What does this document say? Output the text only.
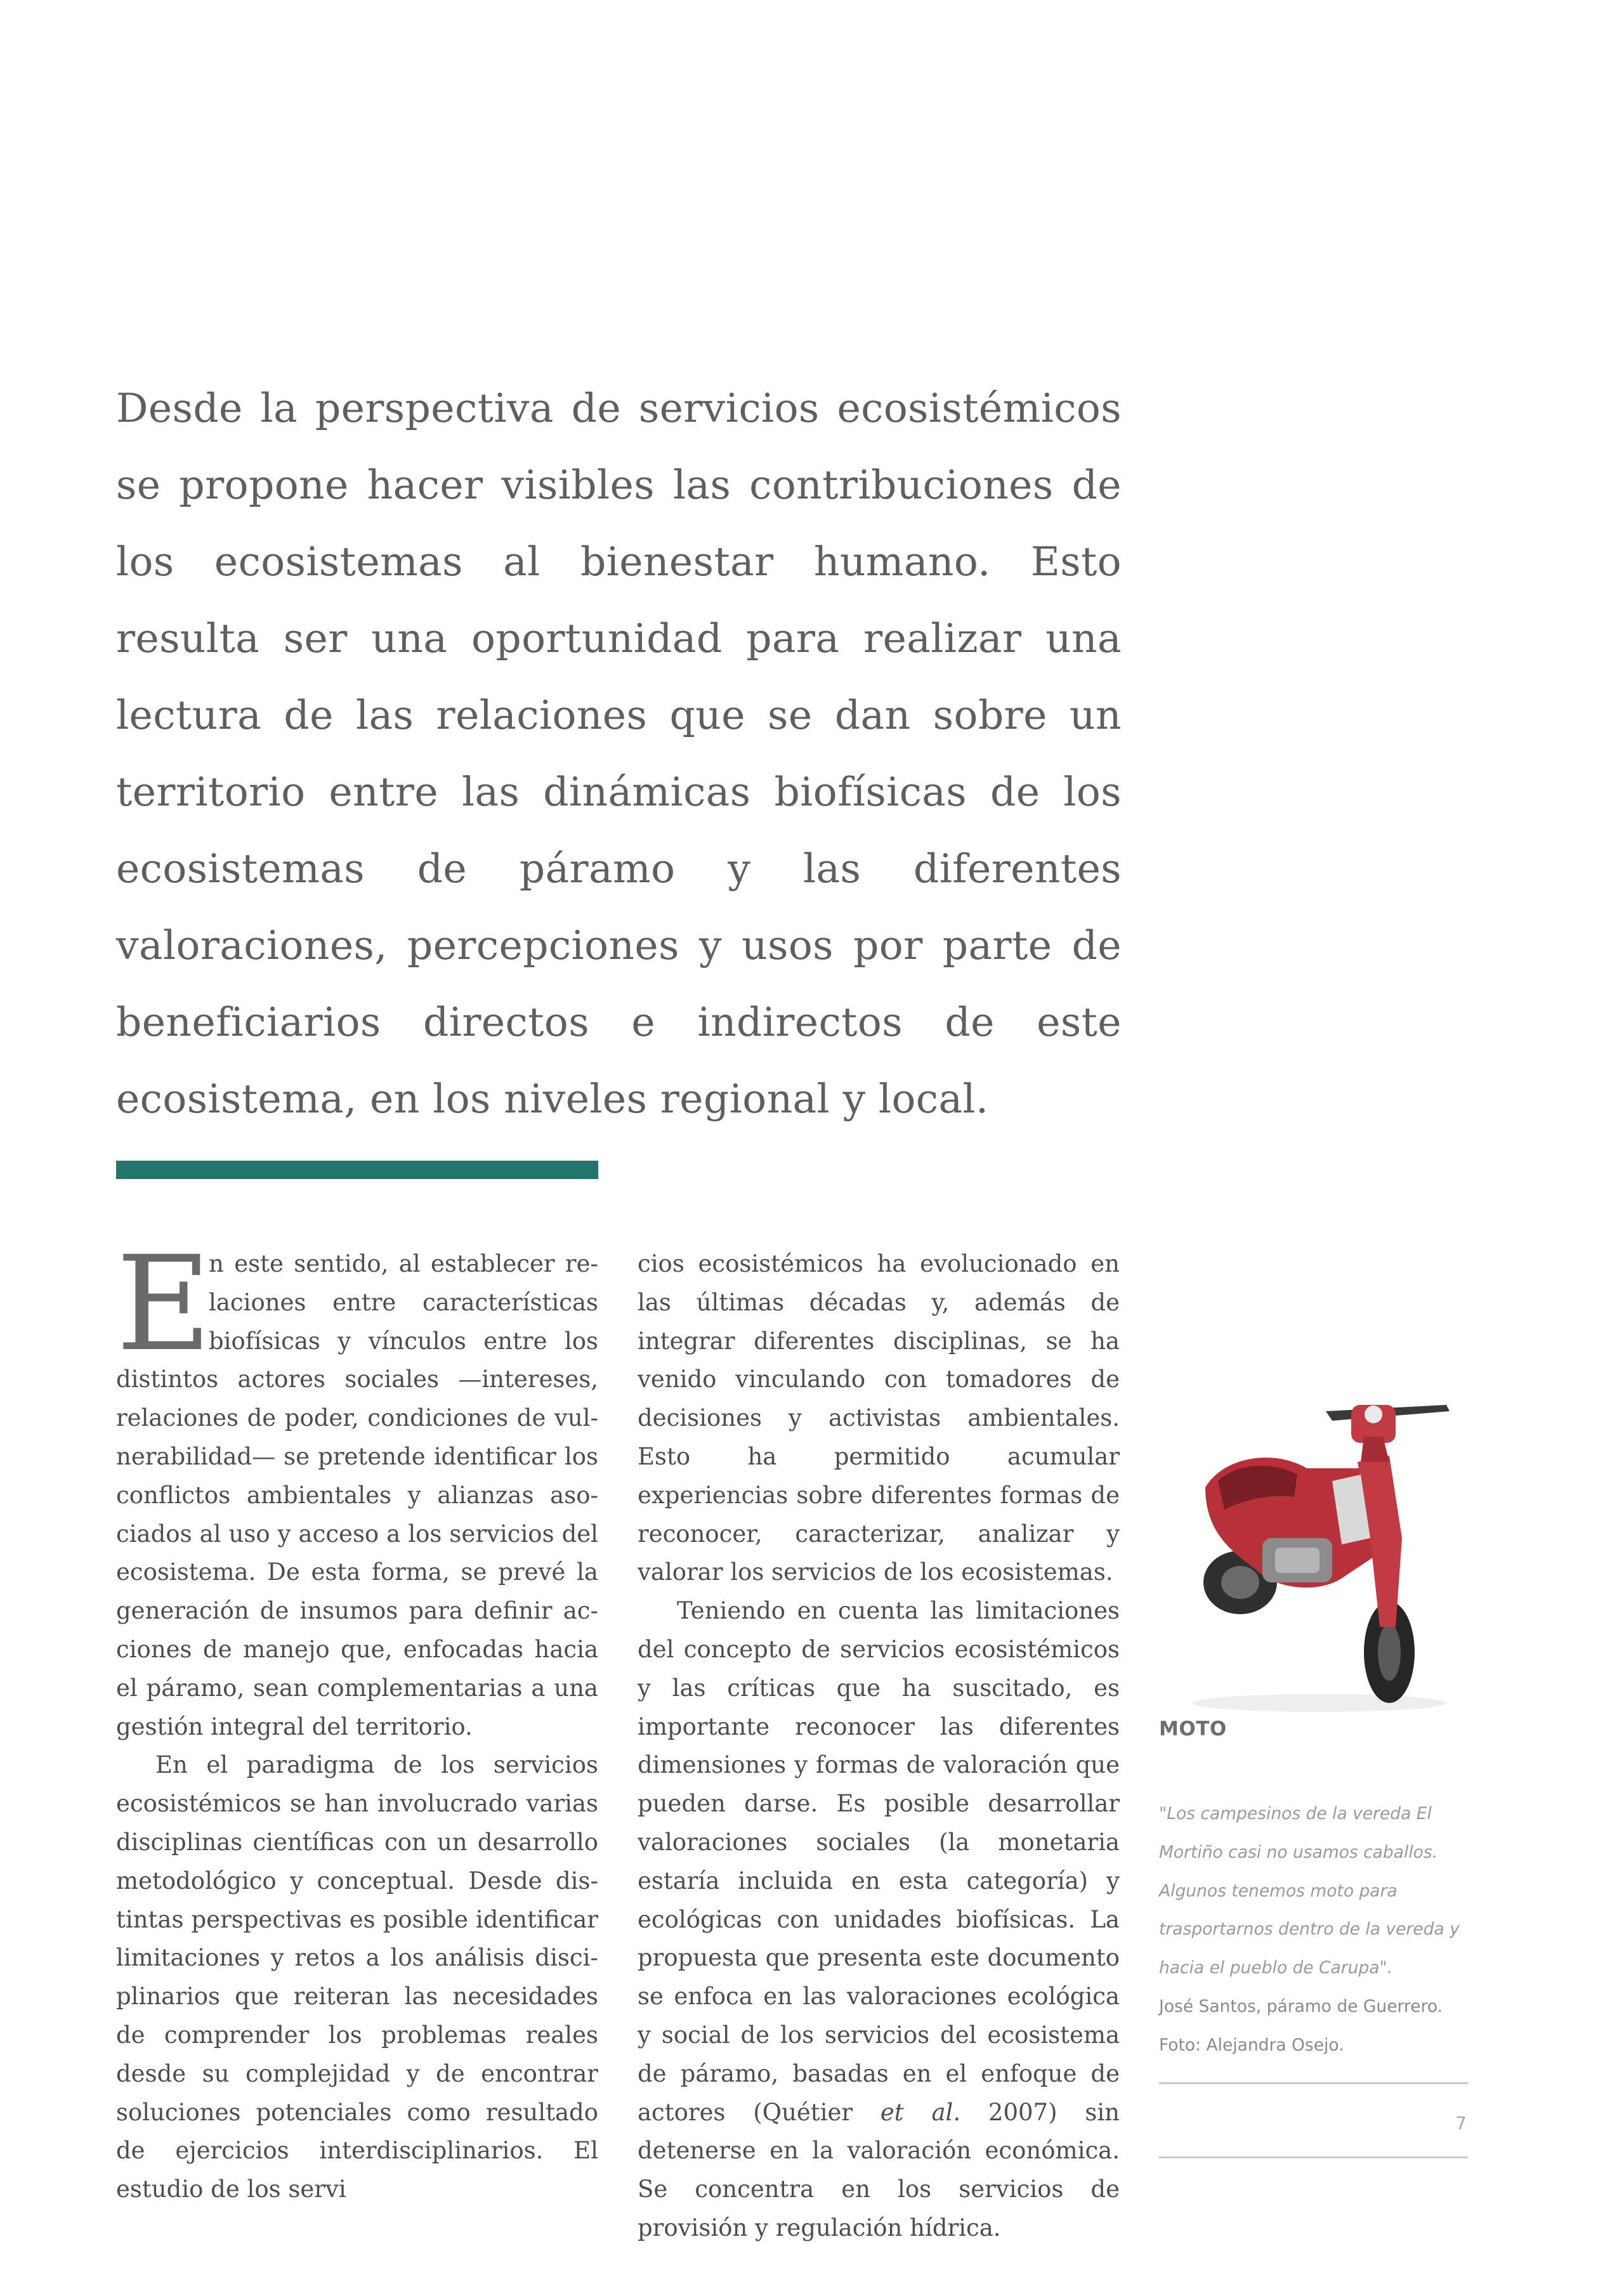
Desde la perspectiva de servicios ecosistémicos se propone hacer visibles las contribuciones de los ecosistemas al bienestar humano. Esto resulta ser una oportunidad para realizar una lectura de las relaciones que se dan sobre un territorio entre las dinámicas biofísicas de los ecosistemas de páramo y las diferentes valoraciones, percepciones y usos por parte de beneficiarios directos e indirectos de este ecosistema, en los niveles regional y local.

E
n este sentido, al establecer relaciones entre características biofísicas y vínculos entre los distintos actores sociales —intereses, relaciones de poder, condiciones de vulnerabilidad— se pretende identificar los conflictos ambientales y alianzas asociados al uso y acceso a los servicios del ecosistema. De esta forma, se prevé la generación de insumos para definir acciones de manejo que, enfocadas hacia el páramo, sean complementarias a una gestión integral del territorio.

En el paradigma de los servicios ecosistémicos se han involucrado varias disciplinas científicas con un desarrollo metodológico y conceptual. Desde distintas perspectivas es posible identificar limitaciones y retos a los análisis disciplinarios que reiteran las necesidades de comprender los problemas reales desde su complejidad y de encontrar soluciones potenciales como resultado de ejercicios interdisciplinarios. El estudio de los servi

cios ecosistémicos ha evolucionado en las últimas décadas y, además de integrar diferentes disciplinas, se ha venido vinculando con tomadores de decisiones y activistas ambientales. Esto ha permitido acumular experiencias sobre diferentes formas de reconocer, caracterizar, analizar y valorar los servicios de los ecosistemas.

Teniendo en cuenta las limitaciones del concepto de servicios ecosistémicos y las críticas que ha suscitado, es importante reconocer las diferentes dimensiones y formas de valoración que pueden darse. Es posible desarrollar valoraciones sociales (la monetaria estaría incluida en esta categoría) y ecológicas con unidades biofísicas. La propuesta que presenta este documento se enfoca en las valoraciones ecológica y social de los servicios del ecosistema de páramo, basadas en el enfoque de actores (Quétier et al. 2007) sin detenerse en la valoración económica. Se concentra en los servicios de provisión y regulación hídrica.

MOTO

"Los campesinos de la vereda El Mortiño casi no usamos caballos. Algunos tenemos moto para trasportarnos dentro de la vereda y hacia el pueblo de Carupa".

José Santos, páramo de Guerrero.

Foto: Alejandra Osejo.

7
